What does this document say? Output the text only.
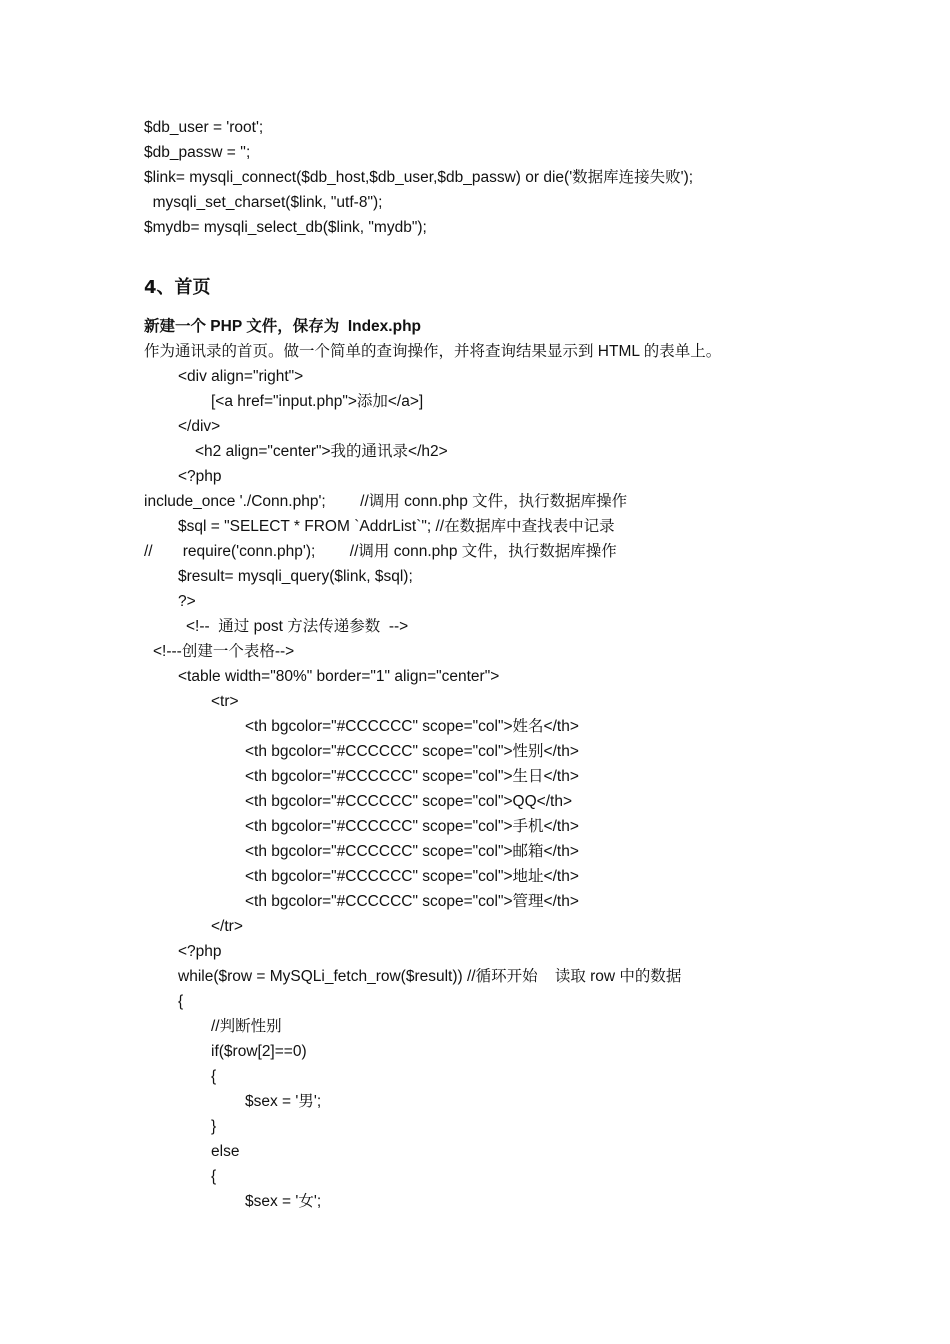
$db_user = 'root';
$db_passw = '';
$link= mysqli_connect($db_host,$db_user,$db_passw) or die('数据库连接失败');
mysqli_set_charset($link, "utf-8");
$mydb= mysqli_select_db($link, "mydb");
4、首页
新建一个 PHP 文件，保存为  Index.php
作为通讯录的首页。做一个简单的查询操作，并将查询结果显示到 HTML 的表单上。
<div align="right">
[<a href="input.php">添加</a>]
</div>
<h2 align="center">我的通讯录</h2>
<?php
include_once './Conn.php';        //调用 conn.php 文件，执行数据库操作
$sql = "SELECT * FROM `AddrList`"; //在数据库中查找表中记录
//       require('conn.php');        //调用 conn.php 文件，执行数据库操作
$result= mysqli_query($link, $sql);
?>
<!--  通过 post 方法传递参数  -->
<!---创建一个表格-->
<table width="80%" border="1" align="center">
<tr>
<th bgcolor="#CCCCCC" scope="col">姓名</th>
<th bgcolor="#CCCCCC" scope="col">性别</th>
<th bgcolor="#CCCCCC" scope="col">生日</th>
<th bgcolor="#CCCCCC" scope="col">QQ</th>
<th bgcolor="#CCCCCC" scope="col">手机</th>
<th bgcolor="#CCCCCC" scope="col">邮箱</th>
<th bgcolor="#CCCCCC" scope="col">地址</th>
<th bgcolor="#CCCCCC" scope="col">管理</th>
</tr>
<?php
while($row = MySQLi_fetch_row($result)) //循环开始    读取 row 中的数据
{
//判断性别
if($row[2]==0)
{
$sex = '男';
}
else
{
$sex = '女';
